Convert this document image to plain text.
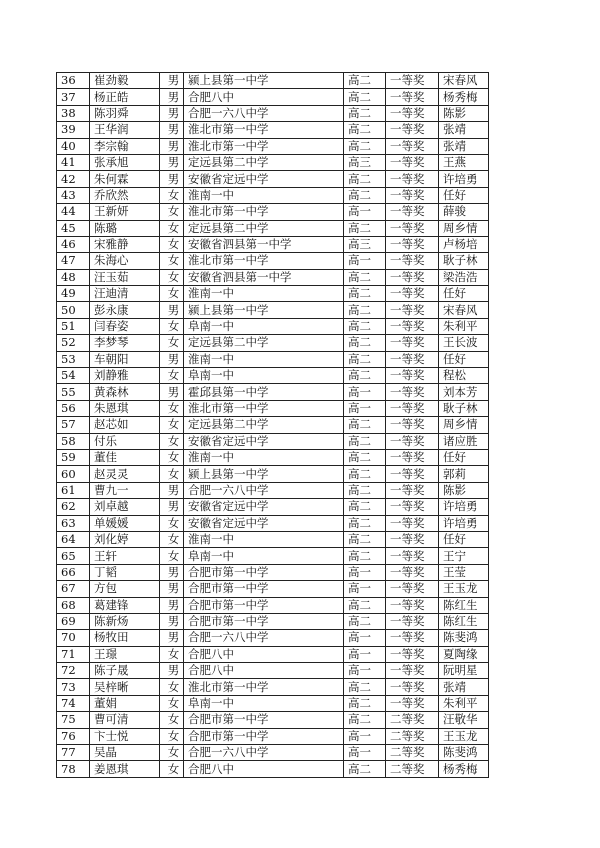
36	崔劲毅	男	颍上县第一中学	高二	一等奖	宋春风
37	杨正皓	男	合肥八中	高二	一等奖	杨秀梅
38	陈羽舜	男	合肥一六八中学	高二	一等奖	陈影
39	王华润	男	淮北市第一中学	高二	一等奖	张靖
40	李宗翰	男	淮北市第一中学	高二	一等奖	张靖
41	张承旭	男	定远县第二中学	高三	一等奖	王燕
42	朱何霖	男	安徽省定远中学	高二	一等奖	许培勇
43	乔欣然	女	淮南一中	高二	一等奖	任好
44	王新妍	女	淮北市第一中学	高一	一等奖	薛骏
45	陈璐	女	定远县第二中学	高二	一等奖	周乡情
46	宋雅静	女	安徽省泗县第一中学	高三	一等奖	卢杨培
47	朱海心	女	淮北市第一中学	高一	一等奖	耿子林
48	汪玉茹	女	安徽省泗县第一中学	高二	一等奖	梁浩浩
49	汪迪清	女	淮南一中	高二	一等奖	任好
50	彭永康	男	颍上县第一中学	高二	一等奖	宋春风
51	闫春姿	女	阜南一中	高二	一等奖	朱利平
52	李梦琴	女	定远县第二中学	高二	一等奖	王长波
53	车朝阳	男	淮南一中	高二	一等奖	任好
54	刘静雅	女	阜南一中	高二	一等奖	程松
55	黄森林	男	霍邱县第一中学	高一	一等奖	刘本芳
56	朱恩琪	女	淮北市第一中学	高一	一等奖	耿子林
57	赵芯如	女	定远县第二中学	高二	一等奖	周乡情
58	付乐	女	安徽省定远中学	高二	一等奖	诸应胜
59	董佳	女	淮南一中	高二	一等奖	任好
60	赵灵灵	女	颍上县第一中学	高二	一等奖	郭莉
61	曹九一	男	合肥一六八中学	高二	一等奖	陈影
62	刘卓越	男	安徽省定远中学	高二	一等奖	许培勇
63	单媛媛	女	安徽省定远中学	高二	一等奖	许培勇
64	刘化婷	女	淮南一中	高二	一等奖	任好
65	王轩	女	阜南一中	高二	一等奖	王宁
66	丁韬	男	合肥市第一中学	高一	一等奖	王莹
67	方包	男	合肥市第一中学	高一	一等奖	王玉龙
68	葛建锋	男	合肥市第一中学	高二	一等奖	陈红生
69	陈新炀	男	合肥市第一中学	高二	一等奖	陈红生
70	杨牧田	男	合肥一六八中学	高一	一等奖	陈斐鸿
71	王璟	女	合肥八中	高一	一等奖	夏陶缘
72	陈子晟	男	合肥八中	高一	一等奖	阮明星
73	吴梓晰	女	淮北市第一中学	高二	一等奖	张靖
74	董娟	女	阜南一中	高二	一等奖	朱利平
75	曹可清	女	合肥市第一中学	高二	二等奖	汪敬华
76	卞士悦	女	合肥市第一中学	高一	二等奖	王玉龙
77	吴晶	女	合肥一六八中学	高一	二等奖	陈斐鸿
78	姜恩琪	女	合肥八中	高二	二等奖	杨秀梅
